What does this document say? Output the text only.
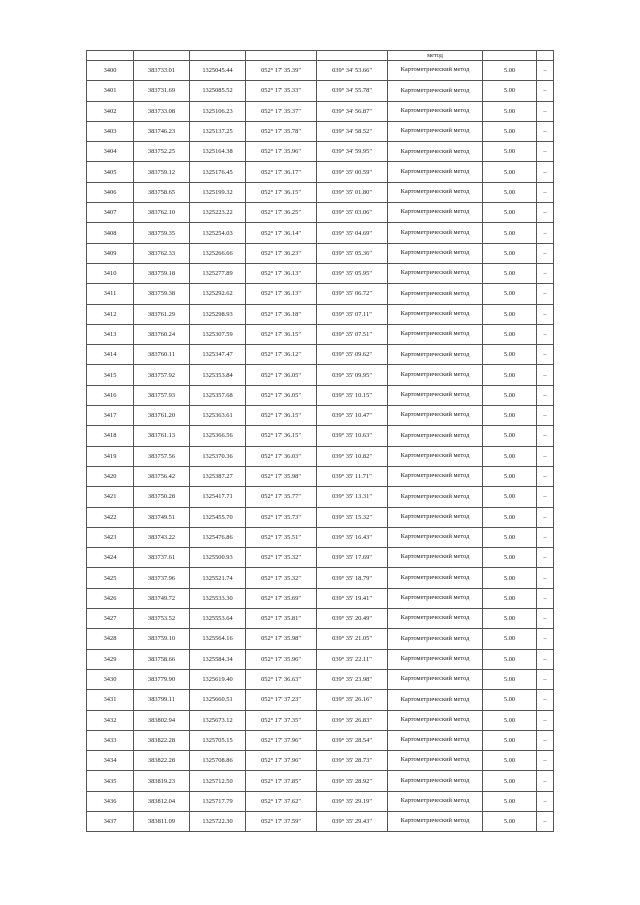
					метод		
3400	383733.01	1325045.44	052° 17' 35.39"	039° 34' 53.66"	Картометрический метод	5.00	–
3401	383731.69	1325085.52	052° 17' 35.33"	039° 34' 55.78"	Картометрический метод	5.00	–
3402	383733.08	1325106.23	052° 17' 35.37"	039° 34' 56.87"	Картометрический метод	5.00	–
3403	383746.23	1325137.25	052° 17' 35.78"	039° 34' 58.52"	Картометрический метод	5.00	–
3404	383752.25	1325164.38	052° 17' 35.96"	039° 34' 59.95"	Картометрический метод	5.00	–
3405	383759.12	1325176.45	052° 17' 36.17"	039° 35' 00.59"	Картометрический метод	5.00	–
3406	383758.65	1325199.32	052° 17' 36.15"	039° 35' 01.80"	Картометрический метод	5.00	–
3407	383762.10	1325223.22	052° 17' 36.25"	039° 35' 03.06"	Картометрический метод	5.00	–
3408	383759.35	1325254.03	052° 17' 36.14"	039° 35' 04.69"	Картометрический метод	5.00	–
3409	383762.33	1325266.66	052° 17' 36.23"	039° 35' 05.36"	Картометрический метод	5.00	–
3410	383759.18	1325277.89	052° 17' 36.13"	039° 35' 05.95"	Картометрический метод	5.00	–
3411	383759.38	1325292.62	052° 17' 36.13"	039° 35' 06.72"	Картометрический метод	5.00	–
3412	383761.29	1325298.93	052° 17' 36.18"	039° 35' 07.11"	Картометрический метод	5.00	–
3413	383760.24	1325307.59	052° 17' 36.15"	039° 35' 07.51"	Картометрический метод	5.00	–
3414	383760.11	1325347.47	052° 17' 36.12"	039° 35' 09.62"	Картометрический метод	5.00	–
3415	383757.92	1325353.84	052° 17' 36.05"	039° 35' 09.95"	Картометрический метод	5.00	–
3416	383757.93	1325357.68	052° 17' 36.05"	039° 35' 10.15"	Картометрический метод	5.00	–
3417	383761.20	1325363.61	052° 17' 36.15"	039° 35' 10.47"	Картометрический метод	5.00	–
3418	383761.13	1325366.56	052° 17' 36.15"	039° 35' 10.63"	Картометрический метод	5.00	–
3419	383757.56	1325370.36	052° 17' 36.03"	039° 35' 10.82"	Картометрический метод	5.00	–
3420	383756.42	1325387.27	052° 17' 35.98"	039° 35' 11.71"	Картометрический метод	5.00	–
3421	383750.28	1325417.71	052° 17' 35.77"	039° 35' 13.31"	Картометрический метод	5.00	–
3422	383749.51	1325455.70	052° 17' 35.73"	039° 35' 15.32"	Картометрический метод	5.00	–
3423	383743.22	1325476.86	052° 17' 35.51"	039° 35' 16.43"	Картометрический метод	5.00	–
3424	383737.61	1325500.93	052° 17' 35.32"	039° 35' 17.69"	Картометрический метод	5.00	–
3425	383737.96	1325521.74	052° 17' 35.32"	039° 35' 18.79"	Картометрический метод	5.00	–
3426	383749.72	1325533.30	052° 17' 35.69"	039° 35' 19.41"	Картометрический метод	5.00	–
3427	383753.52	1325553.64	052° 17' 35.81"	039° 35' 20.49"	Картометрический метод	5.00	–
3428	383759.10	1325564.16	052° 17' 35.98"	039° 35' 21.05"	Картометрический метод	5.00	–
3429	383758.66	1325584.34	052° 17' 35.96"	039° 35' 22.11"	Картометрический метод	5.00	–
3430	383779.90	1325619.40	052° 17' 36.63"	039° 35' 23.98"	Картометрический метод	5.00	–
3431	383799.11	1325660.51	052° 17' 37.23"	039° 35' 26.16"	Картометрический метод	5.00	–
3432	383802.94	1325673.12	052° 17' 37.35"	039° 35' 26.83"	Картометрический метод	5.00	–
3433	383822.28	1325705.15	052° 17' 37.96"	039° 35' 28.54"	Картометрический метод	5.00	–
3434	383822.28	1325708.86	052° 17' 37.96"	039° 35' 28.73"	Картометрический метод	5.00	–
3435	383819.23	1325712.50	052° 17' 37.85"	039° 35' 28.92"	Картометрический метод	5.00	–
3436	383812.04	1325717.79	052° 17' 37.62"	039° 35' 29.19"	Картометрический метод	5.00	–
3437	383811.09	1325722.30	052° 17' 37.59"	039° 35' 29.43"	Картометрический метод	5.00	–
